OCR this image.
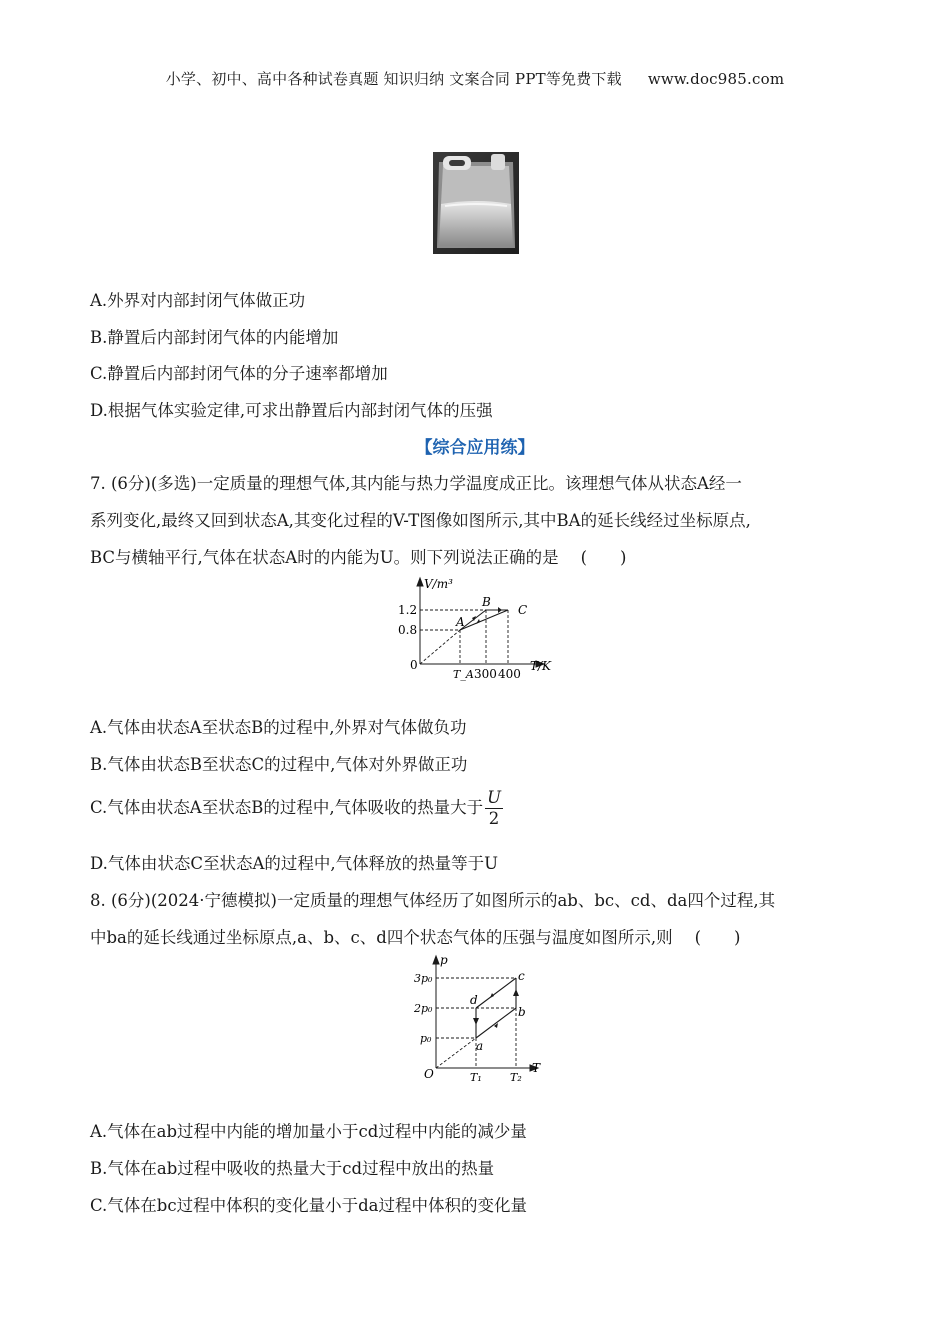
小学、初中、高中各种试卷真题 知识归纳 文案合同 PPT等免费下载 www.doc985.com
A.外界对内部封闭气体做正功
B.静置后内部封闭气体的内能增加
C.静置后内部封闭气体的分子速率都增加
D.根据气体实验定律,可求出静置后内部封闭气体的压强
【综合应用练】
7. (6分)(多选)一定质量的理想气体,其内能与热力学温度成正比。该理想气体从状态A经一
系列变化,最终又回到状态A,其变化过程的V-T图像如图所示,其中BA的延长线经过坐标原点,
BC与横轴平行,气体在状态A时的内能为U。则下列说法正确的是 (　　)
V/m³
T/K
0
1.2
0.8
T_A 300 400
A
B
C
A.气体由状态A至状态B的过程中,外界对气体做负功
B.气体由状态B至状态C的过程中,气体对外界做正功
C.气体由状态A至状态B的过程中,气体吸收的热量大于 $\frac{U}{2}$
D.气体由状态C至状态A的过程中,气体释放的热量等于U
8. (6分)(2024·宁德模拟)一定质量的理想气体经历了如图所示的ab、bc、cd、da四个过程,其
中ba的延长线通过坐标原点,a、b、c、d四个状态气体的压强与温度如图所示,则 (　　)
p
T
O
3p₀
2p₀
p₀
T₁	T₂
a
b
c
d
A.气体在ab过程中内能的增加量小于cd过程中内能的减少量
B.气体在ab过程中吸收的热量大于cd过程中放出的热量
C.气体在bc过程中体积的变化量小于da过程中体积的变化量
